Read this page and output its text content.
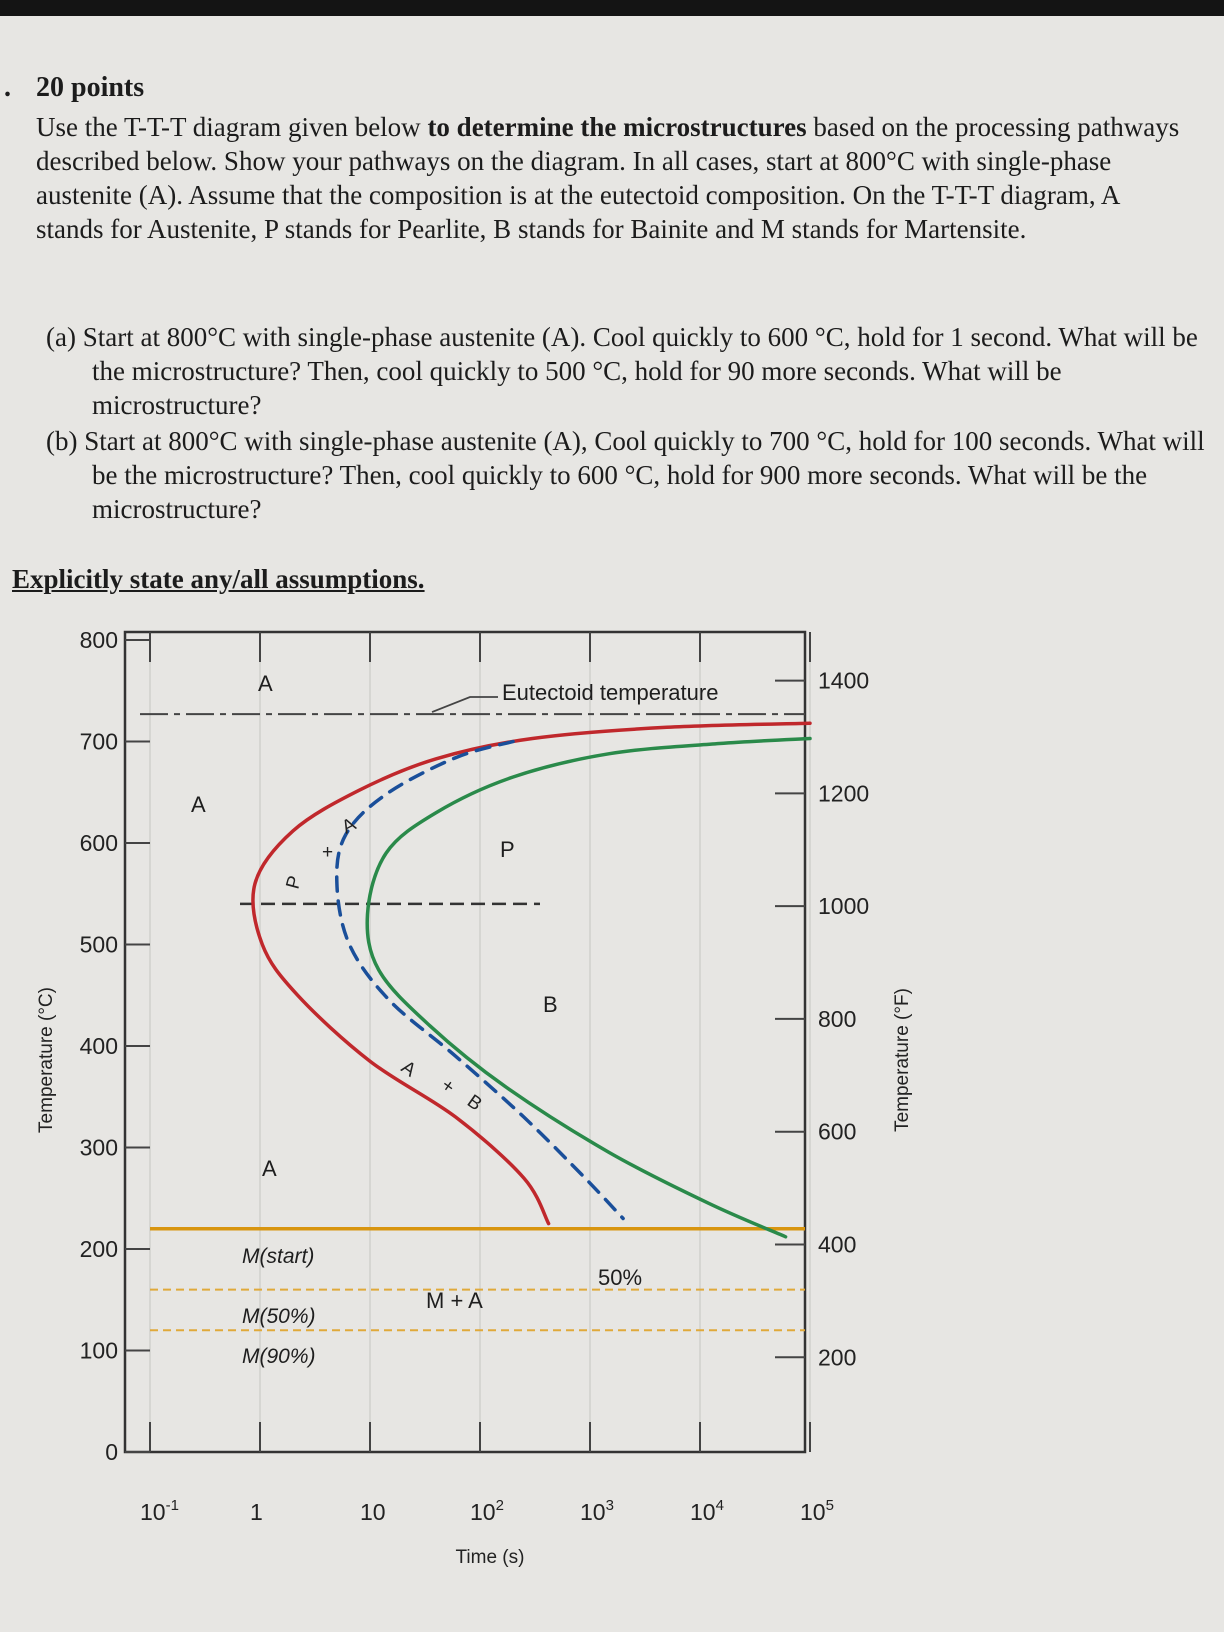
. 20 points
Use the T-T-T diagram given below to determine the microstructures based on the processing pathways described below. Show your pathways on the diagram. In all cases, start at 800°C with single-phase austenite (A). Assume that the composition is at the eutectoid composition. On the T-T-T diagram, A stands for Austenite, P stands for Pearlite, B stands for Bainite and M stands for Martensite.
(a) Start at 800°C with single-phase austenite (A). Cool quickly to 600 °C, hold for 1 second. What will be the microstructure? Then, cool quickly to 500 °C, hold for 90 more seconds. What will be microstructure?
(b) Start at 800°C with single-phase austenite (A), Cool quickly to 700 °C, hold for 100 seconds. What will be the microstructure? Then, cool quickly to 600 °C, hold for 900 more seconds. What will be the microstructure?
Explicitly state any/all assumptions.
$10^{-1}$	1	10	$10^2$	$10^3$	$10^4$	$10^5$
0
100
200
300
400
500
600
700
800
200
400
600
800
1000
1200
1400
A
A
A
P
B
M + A
50%
Eutectoid temperature
M(start)
M(50%)
M(90%)
A
+
P
A
+
B
Temperature (°C)	Temperature (°F)
Time (s)
